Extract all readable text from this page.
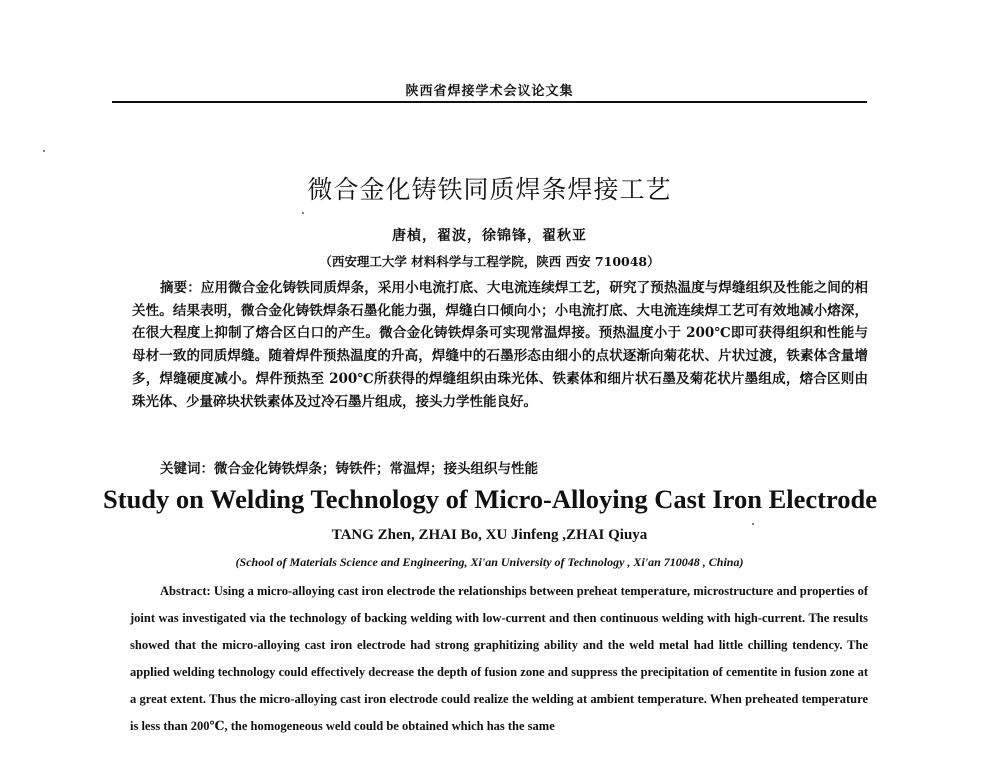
陕西省焊接学术会议论文集
微合金化铸铁同质焊条焊接工艺
唐楨，翟波，徐锦锋，翟秋亚
（西安理工大学 材料科学与工程学院，陕西 西安 710048）
摘要：应用微合金化铸铁同质焊条，采用小电流打底、大电流连续焊工艺，研究了预热温度与焊缝组织及性能之间的相关性。结果表明，微合金化铸铁焊条石墨化能力强，焊缝白口倾向小；小电流打底、大电流连续焊工艺可有效地减小熔深，在很大程度上抑制了熔合区白口的产生。微合金化铸铁焊条可实现常温焊接。预热温度小于 200℃即可获得组织和性能与母材一致的同质焊缝。随着焊件预热温度的升高，焊缝中的石墨形态由细小的点状逐渐向菊花状、片状过渡，铁素体含量增多，焊缝硬度减小。焊件预热至 200℃所获得的焊缝组织由珠光体、铁素体和细片状石墨及菊花状片墨组成，熔合区则由珠光体、少量碎块状铁素体及过冷石墨片组成，接头力学性能良好。
关键词：微合金化铸铁焊条；铸铁件；常温焊；接头组织与性能
Study on Welding Technology of Micro-Alloying Cast Iron Electrode
TANG Zhen, ZHAI Bo, XU Jinfeng ,ZHAI Qiuya
(School of Materials Science and Engineering, Xi'an University of Technology , Xi'an 710048 , China)
Abstract: Using a micro-alloying cast iron electrode the relationships between preheat temperature, microstructure and properties of joint was investigated via the technology of backing welding with low-current and then continuous welding with high-current. The results showed that the micro-alloying cast iron electrode had strong graphitizing ability and the weld metal had little chilling tendency. The applied welding technology could effectively decrease the depth of fusion zone and suppress the precipitation of cementite in fusion zone at a great extent. Thus the micro-alloying cast iron electrode could realize the welding at ambient temperature. When preheated temperature is less than 200℃, the homogeneous weld could be obtained which has the same
